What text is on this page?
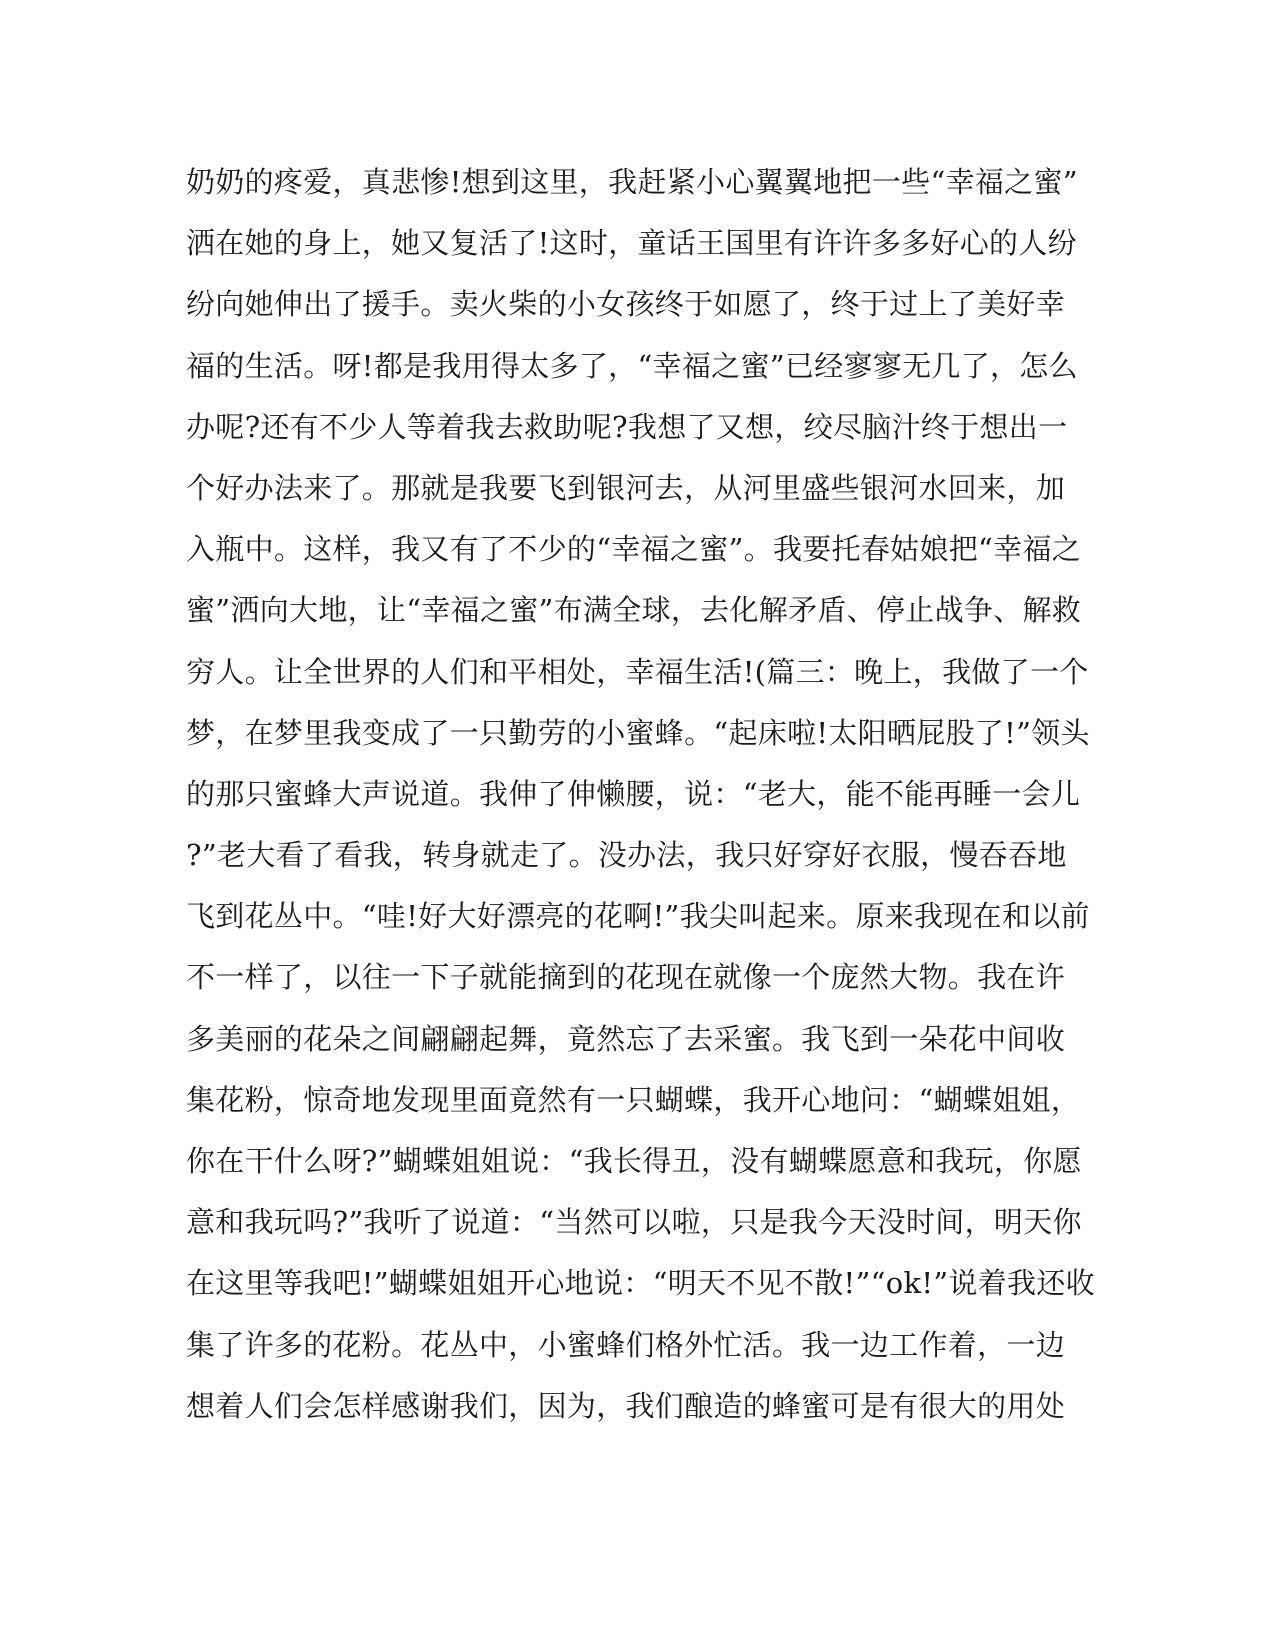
奶奶的疼爱，真悲惨!想到这里，我赶紧小心翼翼地把一些“幸福之蜜”
洒在她的身上，她又复活了!这时，童话王国里有许许多多好心的人纷
纷向她伸出了援手。卖火柴的小女孩终于如愿了，终于过上了美好幸
福的生活。呀!都是我用得太多了，“幸福之蜜”已经寥寥无几了，怎么
办呢?还有不少人等着我去救助呢?我想了又想，绞尽脑汁终于想出一
个好办法来了。那就是我要飞到银河去，从河里盛些银河水回来，加
入瓶中。这样，我又有了不少的“幸福之蜜”。我要托春姑娘把“幸福之
蜜”洒向大地，让“幸福之蜜”布满全球，去化解矛盾、停止战争、解救
穷人。让全世界的人们和平相处，幸福生活!(篇三：晚上，我做了一个
梦，在梦里我变成了一只勤劳的小蜜蜂。“起床啦!太阳晒屁股了!”领头
的那只蜜蜂大声说道。我伸了伸懒腰，说：“老大，能不能再睡一会儿
?”老大看了看我，转身就走了。没办法，我只好穿好衣服，慢吞吞地
飞到花丛中。“哇!好大好漂亮的花啊!”我尖叫起来。原来我现在和以前
不一样了，以往一下子就能摘到的花现在就像一个庞然大物。我在许
多美丽的花朵之间翩翩起舞，竟然忘了去采蜜。我飞到一朵花中间收
集花粉，惊奇地发现里面竟然有一只蝴蝶，我开心地问：“蝴蝶姐姐，
你在干什么呀?”蝴蝶姐姐说：“我长得丑，没有蝴蝶愿意和我玩，你愿
意和我玩吗?”我听了说道：“当然可以啦，只是我今天没时间，明天你
在这里等我吧!”蝴蝶姐姐开心地说：“明天不见不散!”“ok!”说着我还收
集了许多的花粉。花丛中，小蜜蜂们格外忙活。我一边工作着，一边
想着人们会怎样感谢我们，因为，我们酿造的蜂蜜可是有很大的用处
